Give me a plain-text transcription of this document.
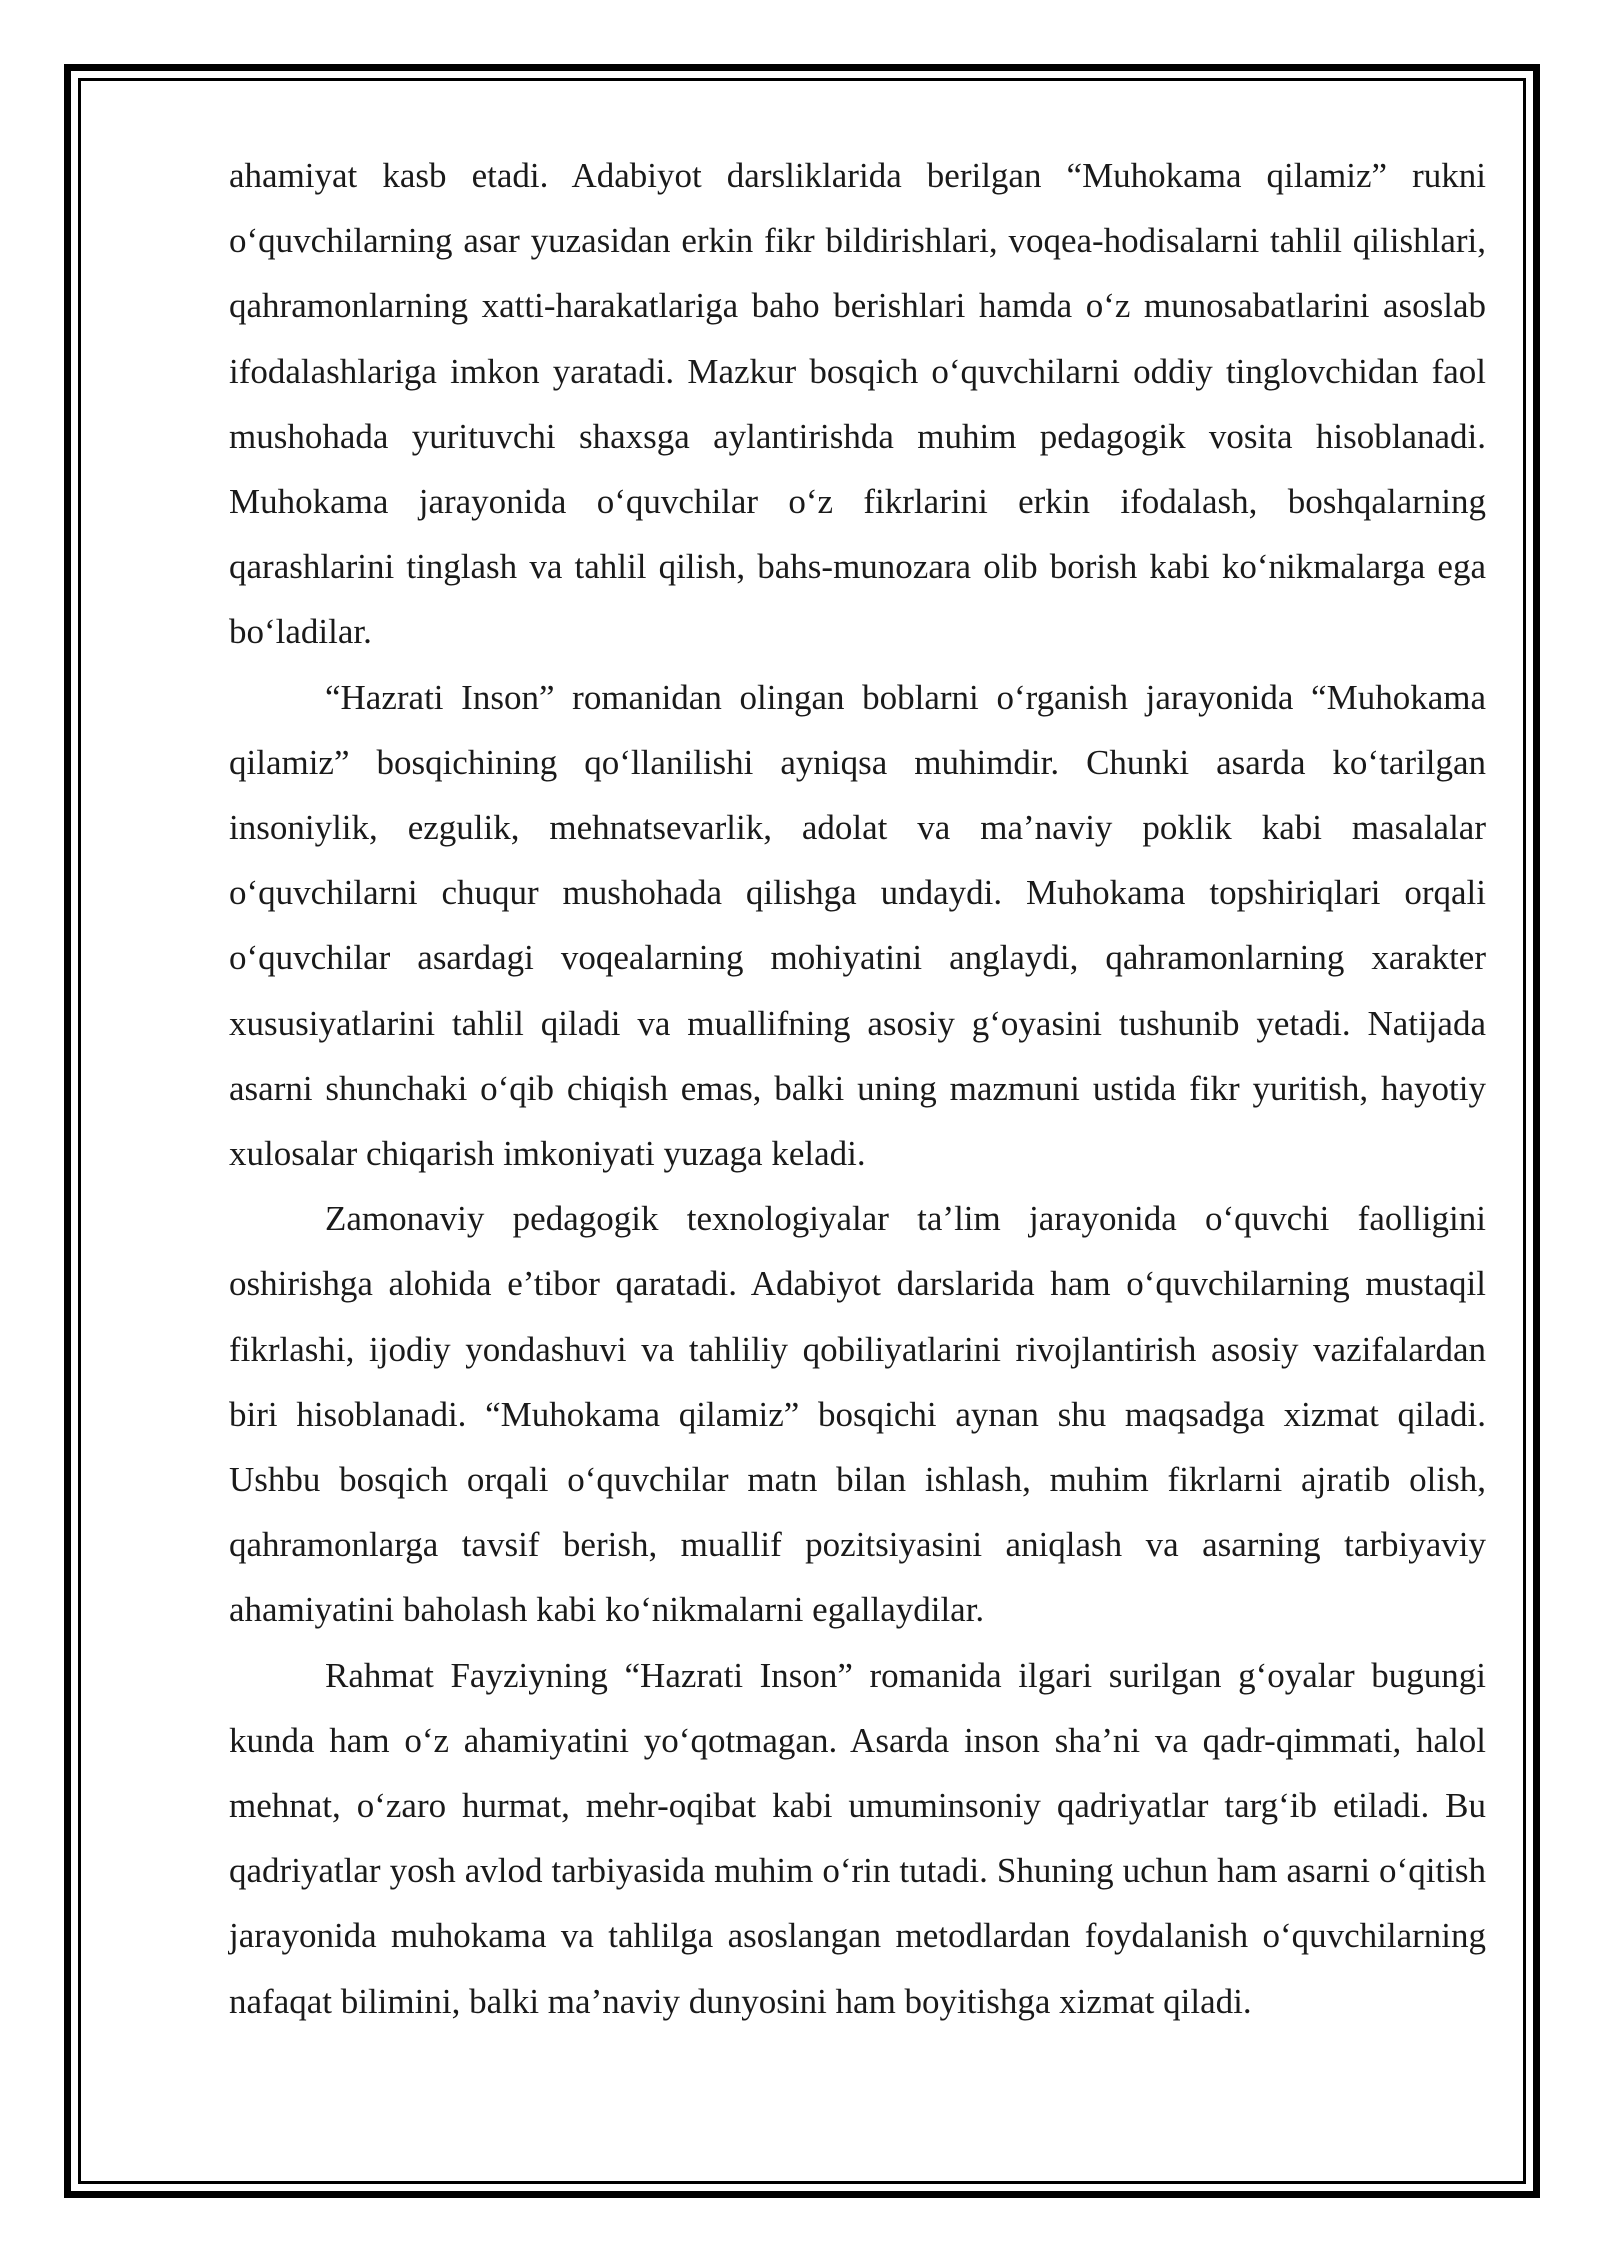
ahamiyat kasb etadi. Adabiyot darsliklarida berilgan “Muhokama qilamiz” rukni o‘quvchilarning asar yuzasidan erkin fikr bildirishlari, voqea-hodisalarni tahlil qilishlari, qahramonlarning xatti-harakatlariga baho berishlari hamda o‘z munosabatlarini asoslab ifodalashlariga imkon yaratadi. Mazkur bosqich o‘quvchilarni oddiy tinglovchidan faol mushohada yurituvchi shaxsga aylantirishda muhim pedagogik vosita hisoblanadi. Muhokama jarayonida o‘quvchilar o‘z fikrlarini erkin ifodalash, boshqalarning qarashlarini tinglash va tahlil qilish, bahs-munozara olib borish kabi ko‘nikmalarga ega bo‘ladilar.

“Hazrati Inson” romanidan olingan boblarni o‘rganish jarayonida “Muhokama qilamiz” bosqichining qo‘llanilishi ayniqsa muhimdir. Chunki asarda ko‘tarilgan insoniylik, ezgulik, mehnatsevarlik, adolat va ma’naviy poklik kabi masalalar o‘quvchilarni chuqur mushohada qilishga undaydi. Muhokama topshiriqlari orqali o‘quvchilar asardagi voqealarning mohiyatini anglaydi, qahramonlarning xarakter xususiyatlarini tahlil qiladi va muallifning asosiy g‘oyasini tushunib yetadi. Natijada asarni shunchaki o‘qib chiqish emas, balki uning mazmuni ustida fikr yuritish, hayotiy xulosalar chiqarish imkoniyati yuzaga keladi.

Zamonaviy pedagogik texnologiyalar ta’lim jarayonida o‘quvchi faolligini oshirishga alohida e’tibor qaratadi. Adabiyot darslarida ham o‘quvchilarning mustaqil fikrlashi, ijodiy yondashuvi va tahliliy qobiliyatlarini rivojlantirish asosiy vazifalardan biri hisoblanadi. “Muhokama qilamiz” bosqichi aynan shu maqsadga xizmat qiladi. Ushbu bosqich orqali o‘quvchilar matn bilan ishlash, muhim fikrlarni ajratib olish, qahramonlarga tavsif berish, muallif pozitsiyasini aniqlash va asarning tarbiyaviy ahamiyatini baholash kabi ko‘nikmalarni egallaydilar.

Rahmat Fayziyning “Hazrati Inson” romanida ilgari surilgan g‘oyalar bugungi kunda ham o‘z ahamiyatini yo‘qotmagan. Asarda inson sha’ni va qadr-qimmati, halol mehnat, o‘zaro hurmat, mehr-oqibat kabi umuminsoniy qadriyatlar targ‘ib etiladi. Bu qadriyatlar yosh avlod tarbiyasida muhim o‘rin tutadi. Shuning uchun ham asarni o‘qitish jarayonida muhokama va tahlilga asoslangan metodlardan foydalanish o‘quvchilarning nafaqat bilimini, balki ma’naviy dunyosini ham boyitishga xizmat qiladi.
